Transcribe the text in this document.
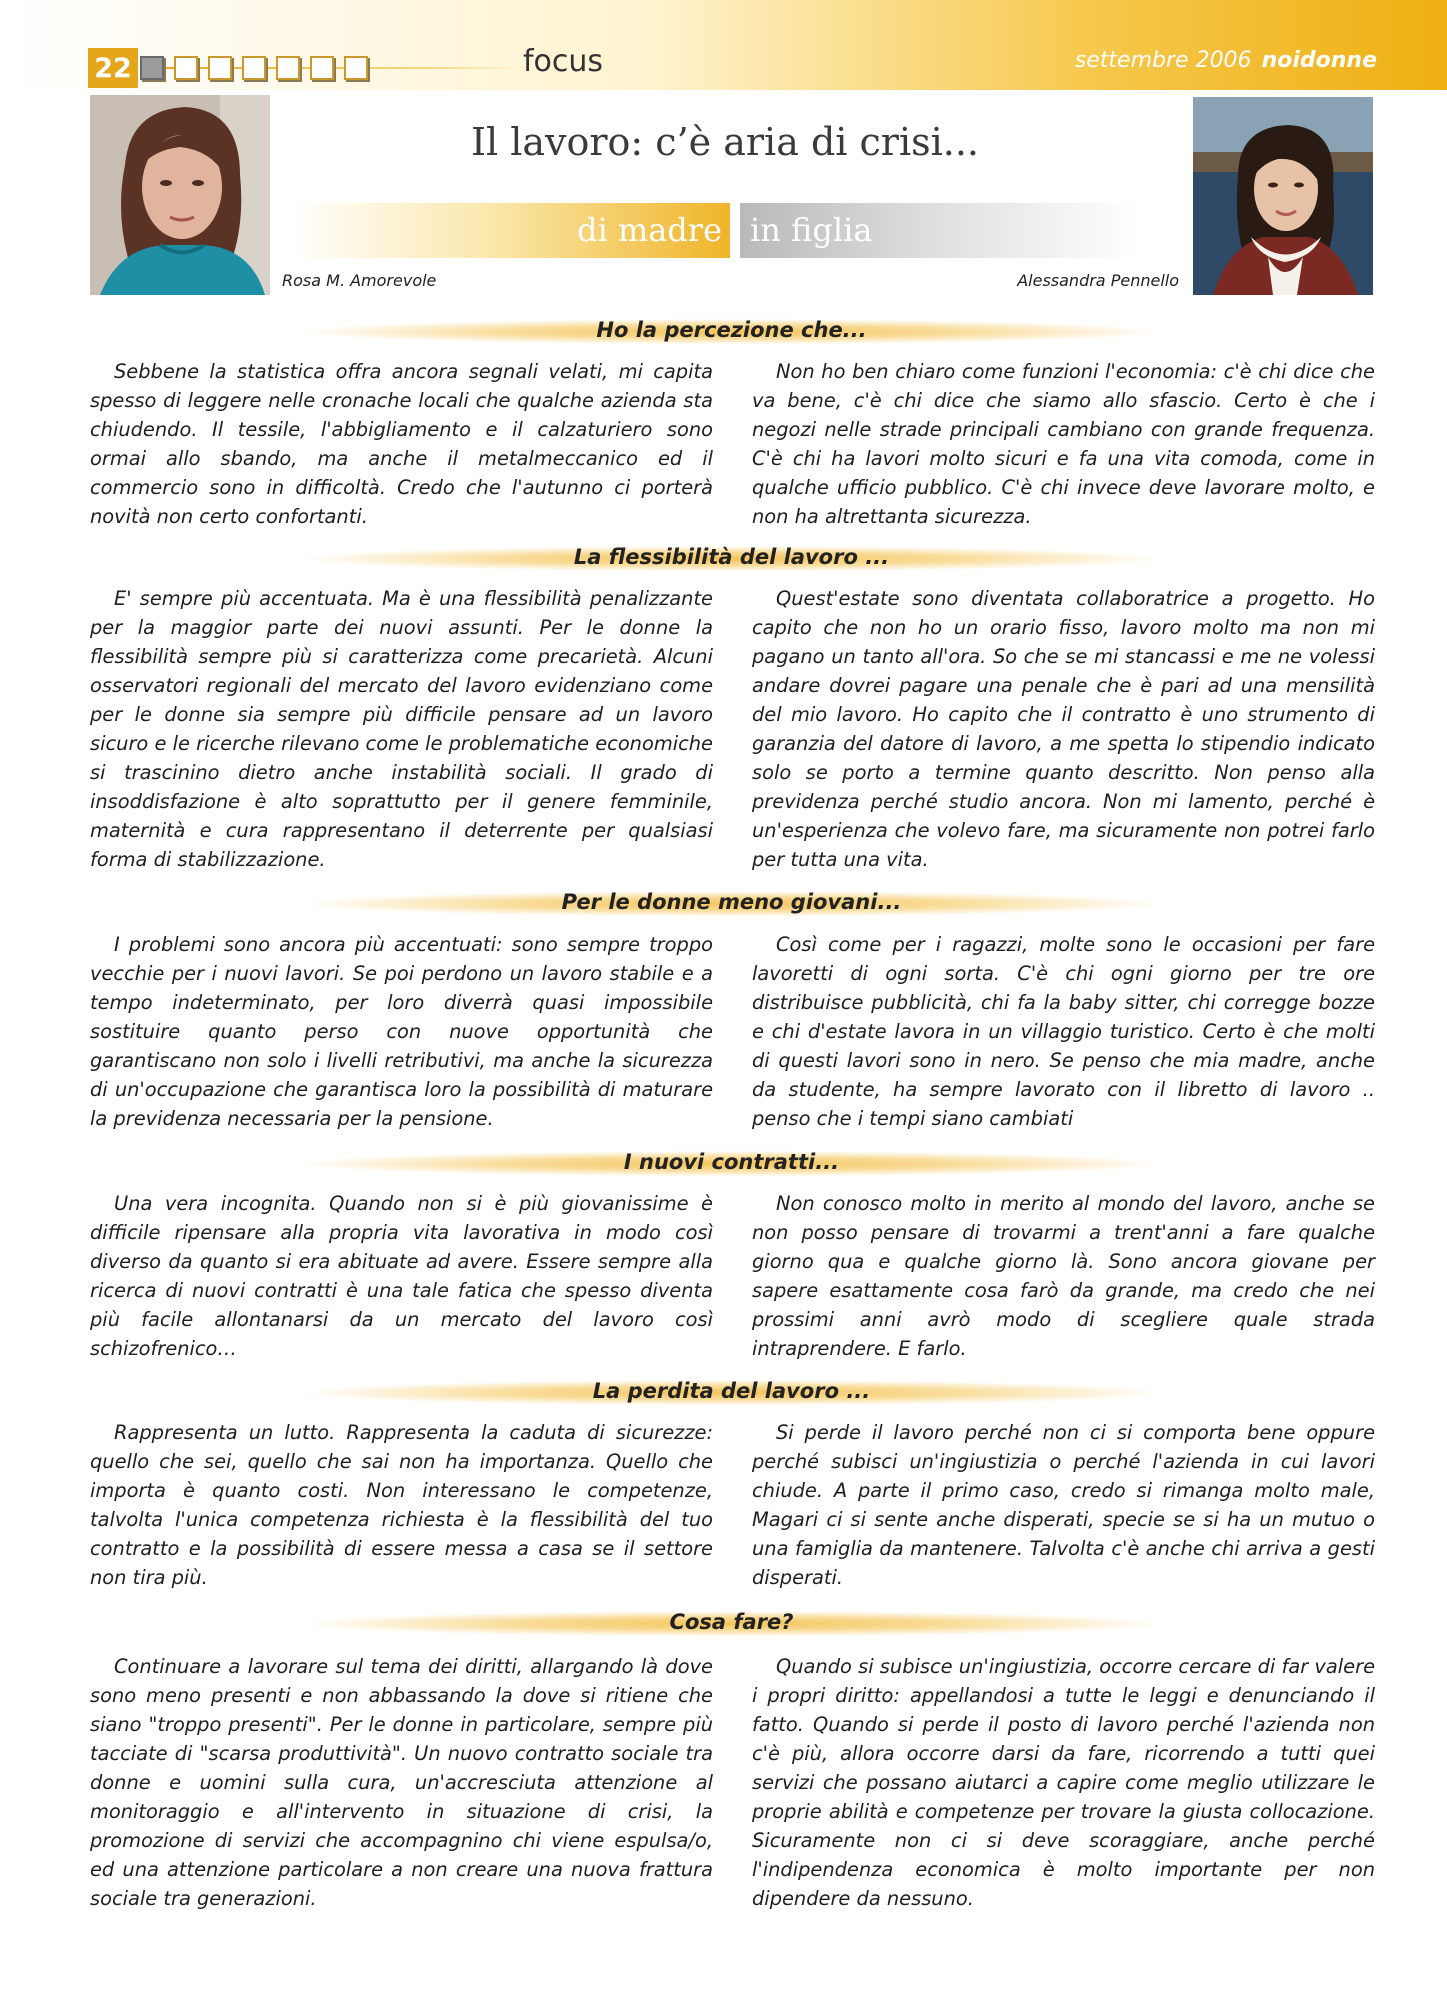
22	focus	settembre 2006 noidonne
Il lavoro: c’è aria di crisi...
di madre in figlia
Rosa M. Amorevole	Alessandra Pennello
Ho la percezione che...

Sebbene la statistica offra ancora segnali velati, mi capita spesso di leggere nelle cronache locali che qualche azienda sta chiudendo. Il tessile, l'abbigliamento e il calzaturiero sono ormai allo sbando, ma anche il metalmeccanico ed il commercio sono in difficoltà. Credo che l'autunno ci porterà novità non certo confortanti.

Non ho ben chiaro come funzioni l'economia: c'è chi dice che va bene, c'è chi dice che siamo allo sfascio. Certo è che i negozi nelle strade principali cambiano con grande frequenza. C'è chi ha lavori molto sicuri e fa una vita comoda, come in qualche ufficio pubblico. C'è chi invece deve lavorare molto, e non ha altrettanta sicurezza.

La flessibilità del lavoro ...

E' sempre più accentuata. Ma è una flessibilità penalizzante per la maggior parte dei nuovi assunti. Per le donne la flessibilità sempre più si caratterizza come precarietà. Alcuni osservatori regionali del mercato del lavoro evidenziano come per le donne sia sempre più difficile pensare ad un lavoro sicuro e le ricerche rilevano come le problematiche economiche si trascinino dietro anche instabilità sociali. Il grado di insoddisfazione è alto soprattutto per il genere femminile, maternità e cura rappresentano il deterrente per qualsiasi forma di stabilizzazione.

Quest'estate sono diventata collaboratrice a progetto. Ho capito che non ho un orario fisso, lavoro molto ma non mi pagano un tanto all'ora. So che se mi stancassi e me ne volessi andare dovrei pagare una penale che è pari ad una mensilità del mio lavoro. Ho capito che il contratto è uno strumento di garanzia del datore di lavoro, a me spetta lo stipendio indicato solo se porto a termine quanto descritto. Non penso alla previdenza perché studio ancora. Non mi lamento, perché è un'esperienza che volevo fare, ma sicuramente non potrei farlo per tutta una vita.

Per le donne meno giovani...

I problemi sono ancora più accentuati: sono sempre troppo vecchie per i nuovi lavori. Se poi perdono un lavoro stabile e a tempo indeterminato, per loro diverrà quasi impossibile sostituire quanto perso con nuove opportunità che garantiscano non solo i livelli retributivi, ma anche la sicurezza di un'occupazione che garantisca loro la possibilità di maturare la previdenza necessaria per la pensione.

Così come per i ragazzi, molte sono le occasioni per fare lavoretti di ogni sorta. C'è chi ogni giorno per tre ore distribuisce pubblicità, chi fa la baby sitter, chi corregge bozze e chi d'estate lavora in un villaggio turistico. Certo è che molti di questi lavori sono in nero. Se penso che mia madre, anche da studente, ha sempre lavorato con il libretto di lavoro .. penso che i tempi siano cambiati

I nuovi contratti...

Una vera incognita. Quando non si è più giovanissime è difficile ripensare alla propria vita lavorativa in modo così diverso da quanto si era abituate ad avere. Essere sempre alla ricerca di nuovi contratti è una tale fatica che spesso diventa più facile allontanarsi da un mercato del lavoro così schizofrenico…

Non conosco molto in merito al mondo del lavoro, anche se non posso pensare di trovarmi a trent'anni a fare qualche giorno qua e qualche giorno là. Sono ancora giovane per sapere esattamente cosa farò da grande, ma credo che nei prossimi anni avrò modo di scegliere quale strada intraprendere. E farlo.

La perdita del lavoro ...

Rappresenta un lutto. Rappresenta la caduta di sicurezze: quello che sei, quello che sai non ha importanza. Quello che importa è quanto costi. Non interessano le competenze, talvolta l'unica competenza richiesta è la flessibilità del tuo contratto e la possibilità di essere messa a casa se il settore non tira più.

Si perde il lavoro perché non ci si comporta bene oppure perché subisci un'ingiustizia o perché l'azienda in cui lavori chiude. A parte il primo caso, credo si rimanga molto male, Magari ci si sente anche disperati, specie se si ha un mutuo o una famiglia da mantenere. Talvolta c'è anche chi arriva a gesti disperati.

Cosa fare?

Continuare a lavorare sul tema dei diritti, allargando là dove sono meno presenti e non abbassando la dove si ritiene che siano "troppo presenti". Per le donne in particolare, sempre più tacciate di "scarsa produttività". Un nuovo contratto sociale tra donne e uomini sulla cura, un'accresciuta attenzione al monitoraggio e all'intervento in situazione di crisi, la promozione di servizi che accompagnino chi viene espulsa/o, ed una attenzione particolare a non creare una nuova frattura sociale tra generazioni.

Quando si subisce un'ingiustizia, occorre cercare di far valere i propri diritto: appellandosi a tutte le leggi e denunciando il fatto. Quando si perde il posto di lavoro perché l'azienda non c'è più, allora occorre darsi da fare, ricorrendo a tutti quei servizi che possano aiutarci a capire come meglio utilizzare le proprie abilità e competenze per trovare la giusta collocazione. Sicuramente non ci si deve scoraggiare, anche perché l'indipendenza economica è molto importante per non dipendere da nessuno.
